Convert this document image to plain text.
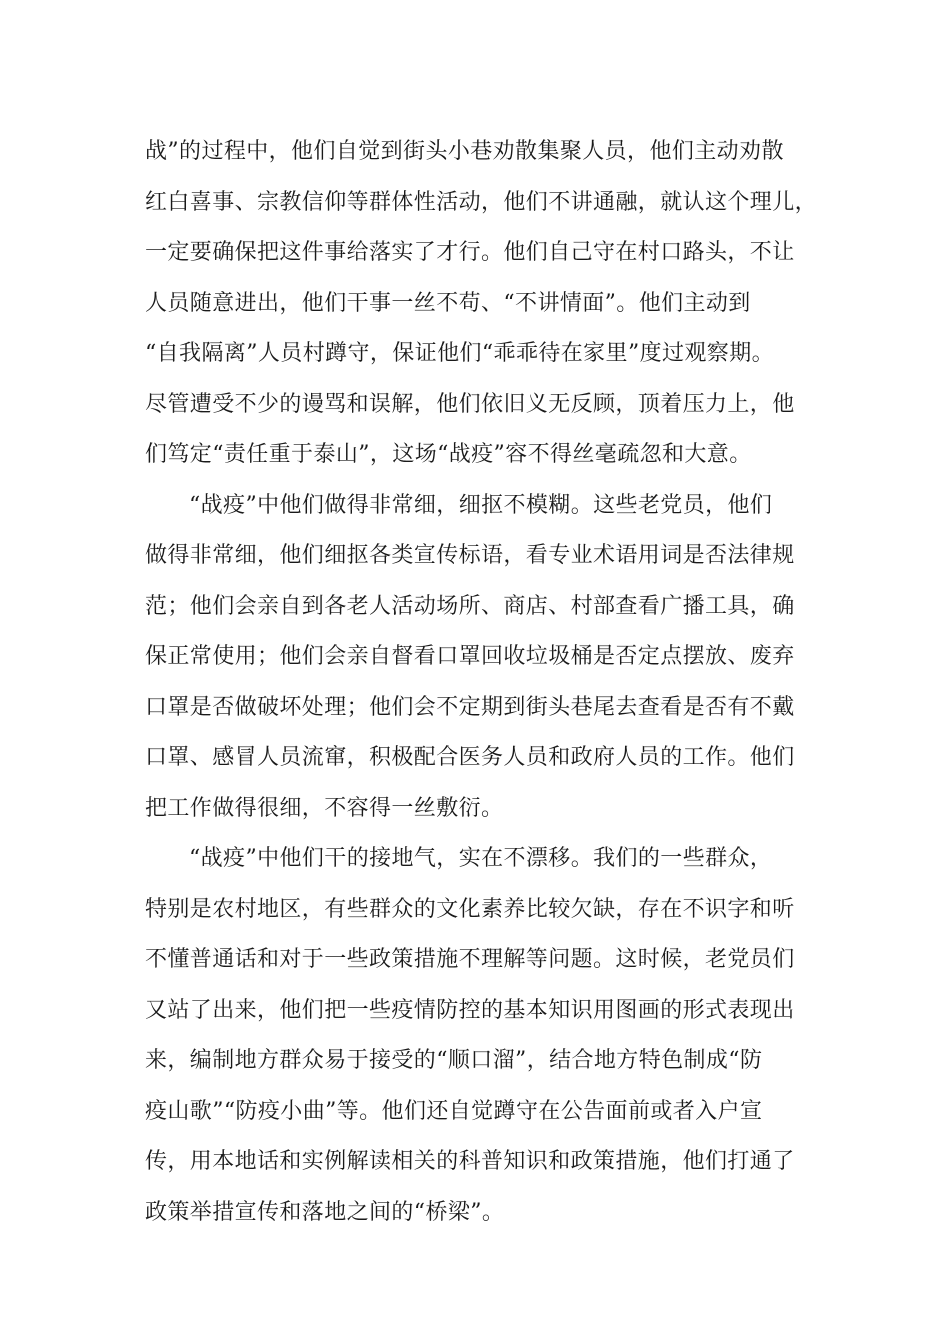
战”的过程中，他们自觉到街头小巷劝散集聚人员，他们主动劝散
红白喜事、宗教信仰等群体性活动，他们不讲通融，就认这个理儿，
一定要确保把这件事给落实了才行。他们自己守在村口路头，不让
人员随意进出，他们干事一丝不苟、“不讲情面”。他们主动到
“自我隔离”人员村蹲守，保证他们“乖乖待在家里”度过观察期。
尽管遭受不少的谩骂和误解，他们依旧义无反顾，顶着压力上，他
们笃定“责任重于泰山”，这场“战疫”容不得丝毫疏忽和大意。
“战疫”中他们做得非常细，细抠不模糊。这些老党员，他们
做得非常细，他们细抠各类宣传标语，看专业术语用词是否法律规
范；他们会亲自到各老人活动场所、商店、村部查看广播工具，确
保正常使用；他们会亲自督看口罩回收垃圾桶是否定点摆放、废弃
口罩是否做破坏处理；他们会不定期到街头巷尾去查看是否有不戴
口罩、感冒人员流窜，积极配合医务人员和政府人员的工作。他们
把工作做得很细，不容得一丝敷衍。
“战疫”中他们干的接地气，实在不漂移。我们的一些群众，
特别是农村地区，有些群众的文化素养比较欠缺，存在不识字和听
不懂普通话和对于一些政策措施不理解等问题。这时候，老党员们
又站了出来，他们把一些疫情防控的基本知识用图画的形式表现出
来，编制地方群众易于接受的“顺口溜”，结合地方特色制成“防
疫山歌”“防疫小曲”等。他们还自觉蹲守在公告面前或者入户宣
传，用本地话和实例解读相关的科普知识和政策措施，他们打通了
政策举措宣传和落地之间的“桥梁”。
